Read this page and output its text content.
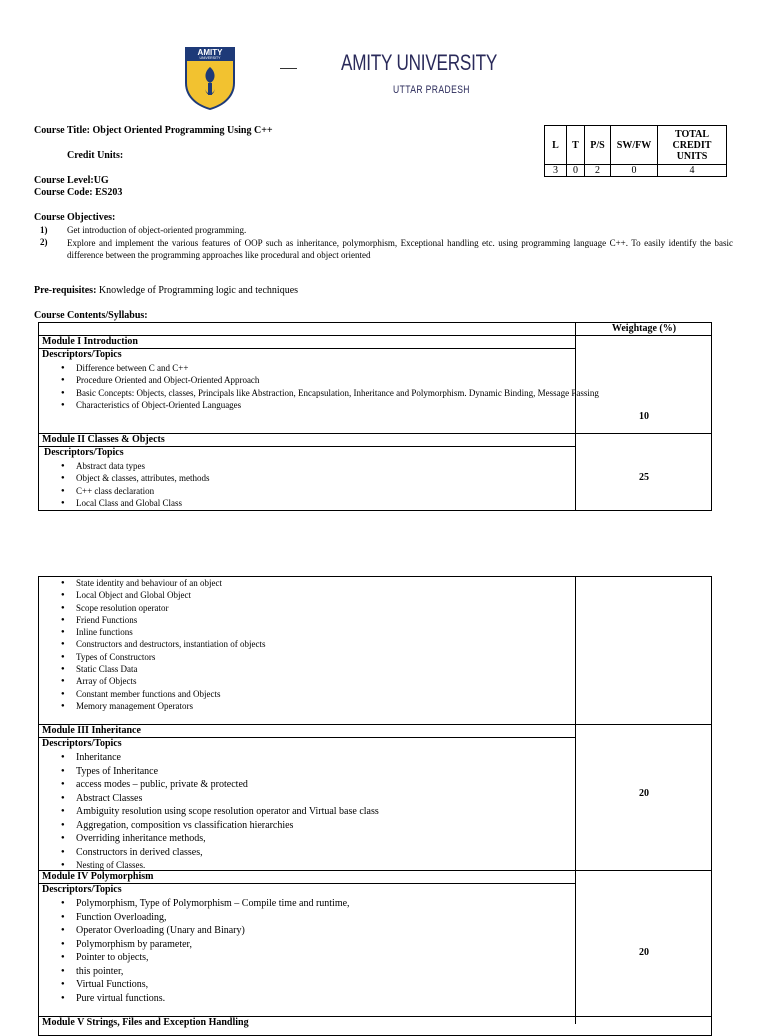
AMITY
UNIVERSITY	AMITY UNIVERSITY
UTTAR PRADESH
Course Title: Object Oriented Programming Using C++
Credit Units:
Course Level:UG
Course Code: ES203
L	T	P/S	SW/FW	TOTAL CREDIT UNITS
3	0	2	0	4
Course Objectives:
1) Get introduction of object-oriented programming.
2) Explore and implement the various features of OOP such as inheritance, polymorphism, Exceptional handling etc. using programming language C++. To easily identify the basic difference between the programming approaches like procedural and object oriented
Pre-requisites: Knowledge of Programming logic and techniques
Course Contents/Syllabus:
Weightage (%)
Module I Introduction
Descriptors/Topics
● Difference between C and C++
● Procedure Oriented and Object-Oriented Approach
● Basic Concepts: Objects, classes, Principals like Abstraction, Encapsulation, Inheritance and Polymorphism. Dynamic Binding, Message Passing
● Characteristics of Object-Oriented Languages
10
Module II Classes & Objects
Descriptors/Topics
● Abstract data types
● Object & classes, attributes, methods
● C++ class declaration
● Local Class and Global Class
25
● State identity and behaviour of an object
● Local Object and Global Object
● Scope resolution operator
● Friend Functions
● Inline functions
● Constructors and destructors, instantiation of objects
● Types of Constructors
● Static Class Data
● Array of Objects
● Constant member functions and Objects
● Memory management Operators
Module III Inheritance
Descriptors/Topics
● Inheritance
● Types of Inheritance
● access modes – public, private & protected
● Abstract Classes
● Ambiguity resolution using scope resolution operator and Virtual base class
● Aggregation, composition vs classification hierarchies
● Overriding inheritance methods,
● Constructors in derived classes,
● Nesting of Classes.
20
Module IV Polymorphism
Descriptors/Topics
● Polymorphism, Type of Polymorphism – Compile time and runtime,
● Function Overloading,
● Operator Overloading (Unary and Binary)
● Polymorphism by parameter,
● Pointer to objects,
● this pointer,
● Virtual Functions,
● Pure virtual functions.
20
Module V Strings, Files and Exception Handling
